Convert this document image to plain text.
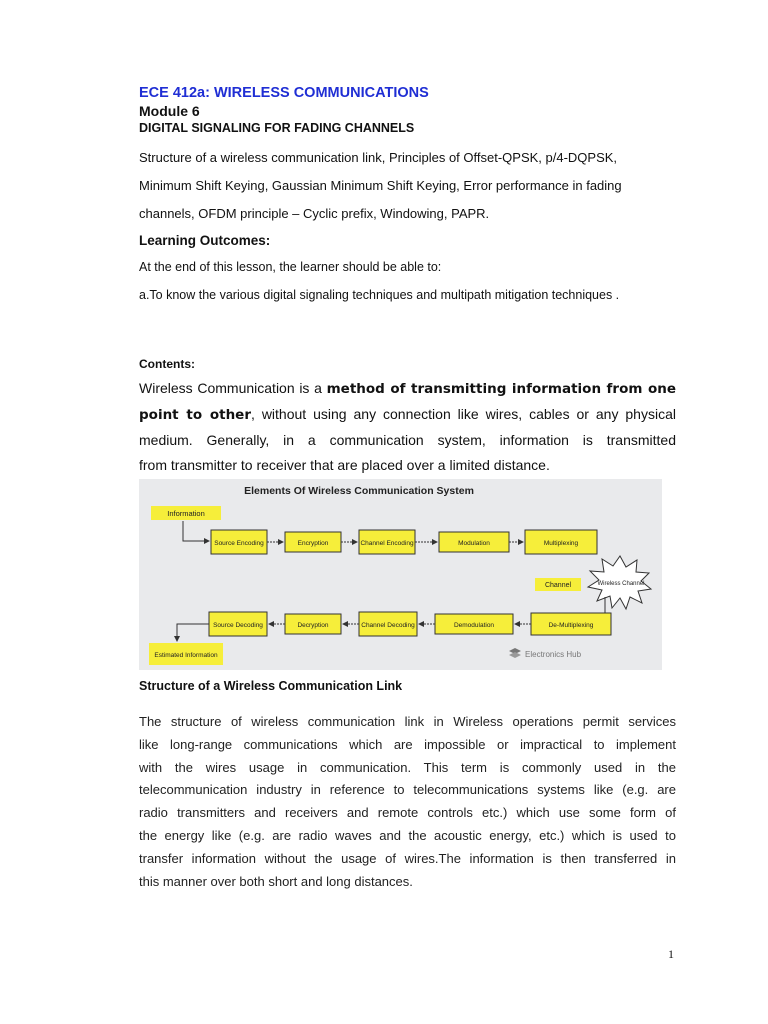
ECE 412a: WIRELESS COMMUNICATIONS
Module 6
DIGITAL SIGNALING FOR FADING CHANNELS

Structure of a wireless communication link, Principles of Offset-QPSK, p/4-DQPSK,
Minimum Shift Keying, Gaussian Minimum Shift Keying, Error performance in fading
channels, OFDM principle – Cyclic prefix, Windowing, PAPR.

Learning Outcomes:

At the end of this lesson, the learner should be able to:

a.To know the various digital signaling techniques and multipath mitigation techniques .

Contents:

Wireless Communication is a method of transmitting information from one
point to other, without using any connection like wires, cables or any physical
medium. Generally, in a communication system, information is transmitted
from transmitter to receiver that are placed over a limited distance.

Elements Of Wireless Communication System
Information
Source Encoding	Encryption	Channel Encoding	Modulation	Multiplexing
Channel	Wireless Channel
De-Multiplexing
Demodulation
Channel Decoding
Decryption
Source Decoding
Estimated Information	Electronics Hub

Structure of a Wireless Communication Link

The structure of wireless communication link in Wireless operations permit services
like long-range communications which are impossible or impractical to implement
with the wires usage in communication. This term is commonly used in the
telecommunication industry in reference to telecommunications systems like (e.g. are
radio transmitters and receivers and remote controls etc.) which use some form of
the energy like (e.g. are radio waves and the acoustic energy, etc.) which is used to
transfer information without the usage of wires.The information is then transferred in
this manner over both short and long distances.

1
